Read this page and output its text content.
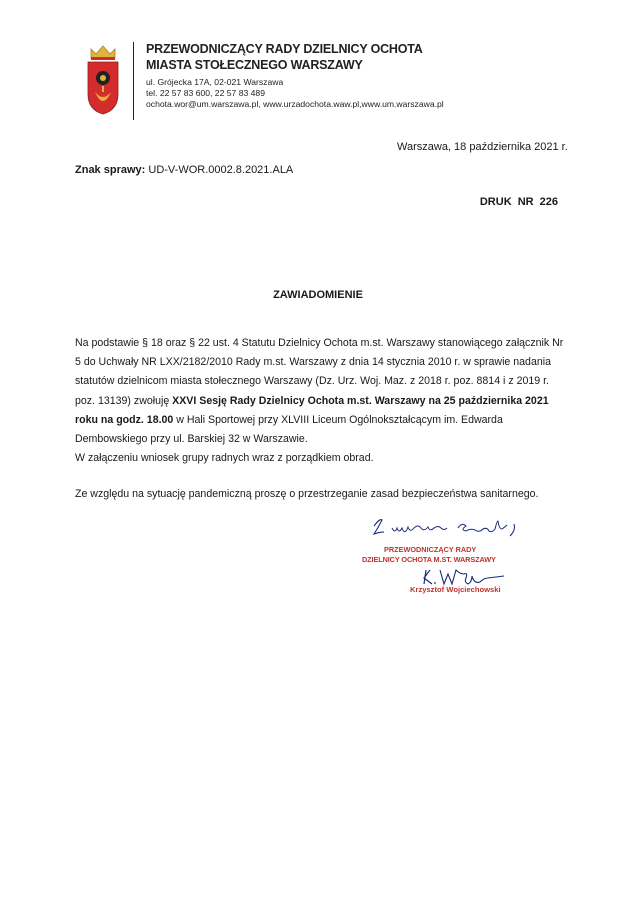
PRZEWODNICZĄCY RADY DZIELNICY OCHOTA
MIASTA STOŁECZNEGO WARSZAWY
ul. Grójecka 17A, 02-021 Warszawa
tel. 22 57 83 600, 22 57 83 489
ochota.wor@um.warszawa.pl, www.urzadochota.waw.pl,www.um.warszawa.pl
Warszawa, 18 października 2021 r.
Znak sprawy: UD-V-WOR.0002.8.2021.ALA
DRUK NR 226
ZAWIADOMIENIE

Na podstawie § 18 oraz § 22 ust. 4 Statutu Dzielnicy Ochota m.st. Warszawy stanowiącego załącznik Nr 5 do Uchwały NR LXX/2182/2010 Rady m.st. Warszawy z dnia 14 stycznia 2010 r. w sprawie nadania statutów dzielnicom miasta stołecznego Warszawy (Dz. Urz. Woj. Maz. z 2018 r. poz. 8814 i z 2019 r. poz. 13139) zwołuję XXVI Sesję Rady Dzielnicy Ochota m.st. Warszawy na 25 października 2021 roku na godz. 18.00 w Hali Sportowej przy XLVIII Liceum Ogólnokształcącym im. Edwarda Dembowskiego przy ul. Barskiej 32 w Warszawie.

W załączeniu wniosek grupy radnych wraz z porządkiem obrad.

Ze względu na sytuację pandemiczną proszę o przestrzeganie zasad bezpieczeństwa sanitarnego.

PRZEWODNICZĄCY RADY
DZIELNICY OCHOTA M.ST. WARSZAWY
Krzysztof Wojciechowski
